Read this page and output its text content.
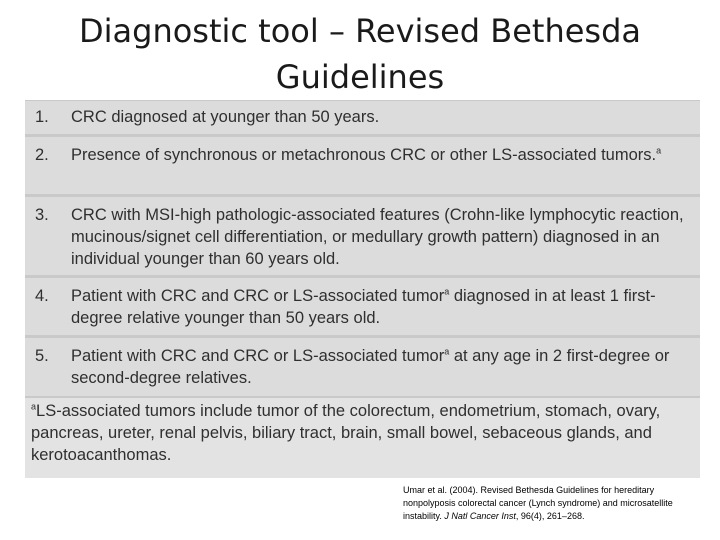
Diagnostic tool – Revised Bethesda Guidelines
1.	CRC diagnosed at younger than 50 years.
2.	Presence of synchronous or metachronous CRC or other LS-associated tumors.$^a$
3.	CRC with MSI-high pathologic-associated features (Crohn-like lymphocytic reaction, mucinous/signet cell differentiation, or medullary growth pattern) diagnosed in an individual younger than 60 years old.
4.	Patient with CRC and CRC or LS-associated tumor$^a$ diagnosed in at least 1 first-degree relative younger than 50 years old.
5.	Patient with CRC and CRC or LS-associated tumor$^a$ at any age in 2 first-degree or second-degree relatives.
$^a$LS-associated tumors include tumor of the colorectum, endometrium, stomach, ovary, pancreas, ureter, renal pelvis, biliary tract, brain, small bowel, sebaceous glands, and kerotoacanthomas.
Umar et al. (2004). Revised Bethesda Guidelines for hereditary nonpolyposis colorectal cancer (Lynch syndrome) and microsatellite instability. J Natl Cancer Inst, 96(4), 261–268.
